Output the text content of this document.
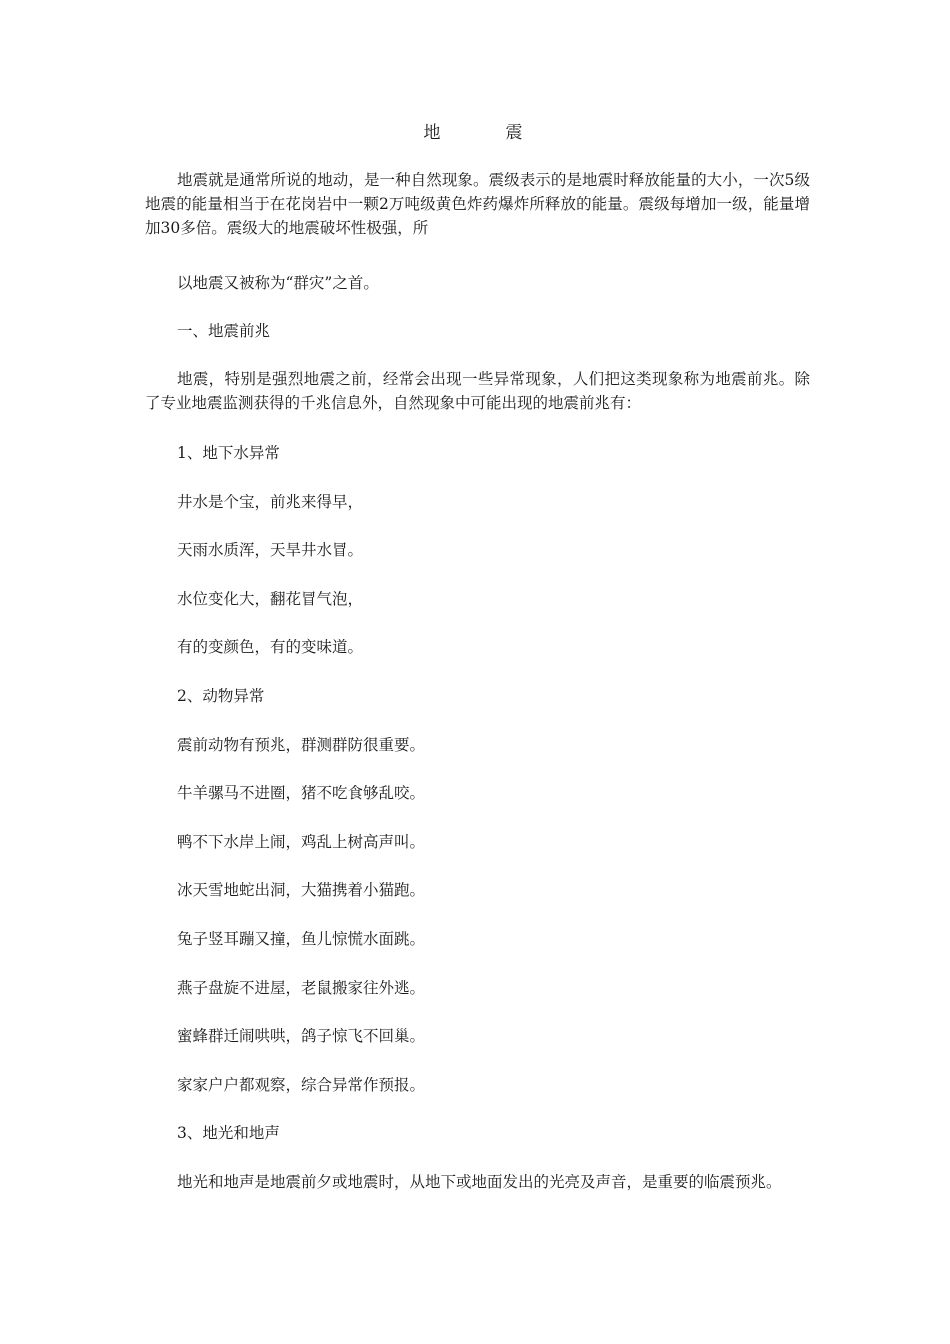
地　震

地震就是通常所说的地动，是一种自然现象。震级表示的是地震时释放能量的大小，一次5级地震的能量相当于在花岗岩中一颗2万吨级黄色炸药爆炸所释放的能量。震级每增加一级，能量增加30多倍。震级大的地震破坏性极强，所

以地震又被称为“群灾”之首。
一、地震前兆

地震，特别是强烈地震之前，经常会出现一些异常现象，人们把这类现象称为地震前兆。除了专业地震监测获得的千兆信息外，自然现象中可能出现的地震前兆有：

1、地下水异常
井水是个宝，前兆来得早，
天雨水质浑，天旱井水冒。
水位变化大，翻花冒气泡，
有的变颜色，有的变味道。
2、动物异常
震前动物有预兆，群测群防很重要。
牛羊骡马不进圈，猪不吃食够乱咬。
鸭不下水岸上闹，鸡乱上树高声叫。
冰天雪地蛇出洞，大猫携着小猫跑。
兔子竖耳蹦又撞，鱼儿惊慌水面跳。
燕子盘旋不进屋，老鼠搬家往外逃。
蜜蜂群迁闹哄哄，鸽子惊飞不回巢。
家家户户都观察，综合异常作预报。
3、地光和地声
地光和地声是地震前夕或地震时，从地下或地面发出的光亮及声音，是重要的临震预兆。
